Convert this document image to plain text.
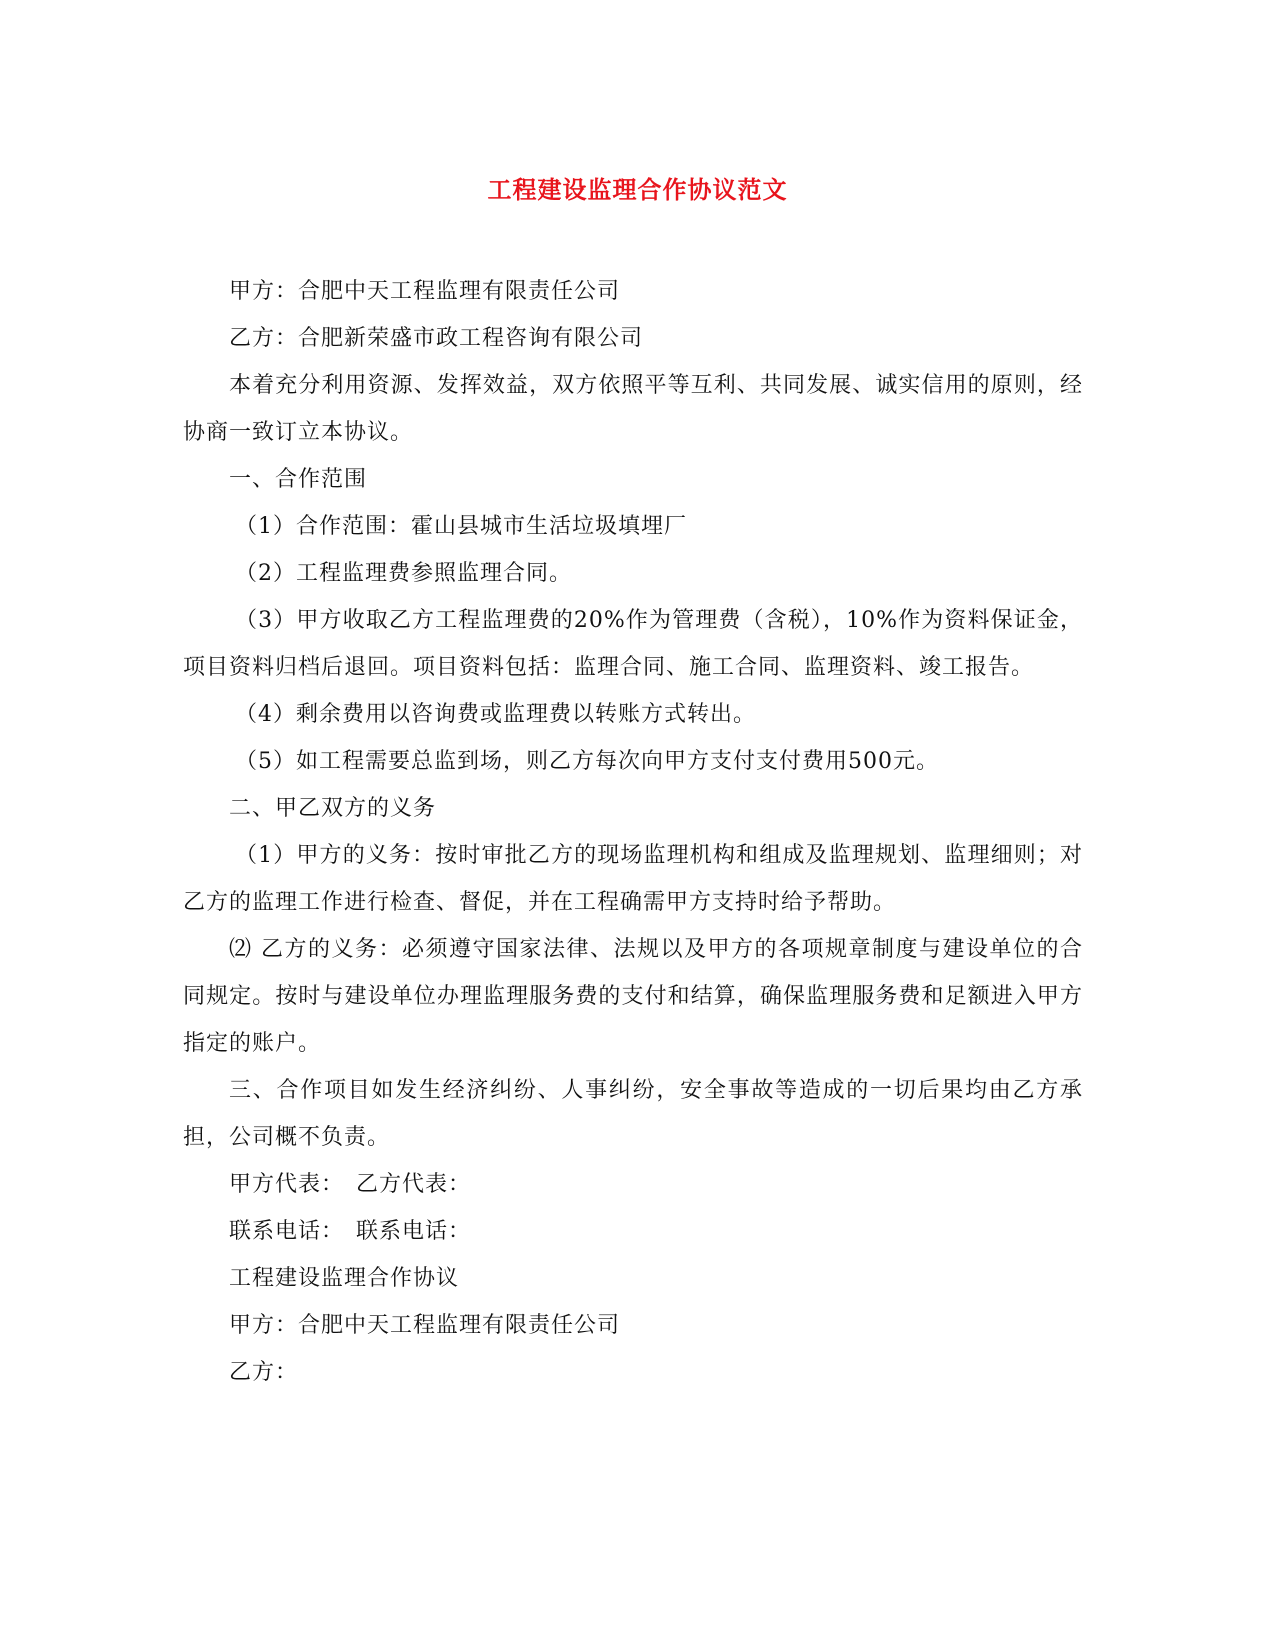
工程建设监理合作协议范文

甲方：合肥中天工程监理有限责任公司

乙方：合肥新荣盛市政工程咨询有限公司

本着充分利用资源、发挥效益，双方依照平等互利、共同发展、诚实信用的原则，经协商一致订立本协议。

一、合作范围

（1）合作范围：霍山县城市生活垃圾填埋厂

（2）工程监理费参照监理合同。

（3）甲方收取乙方工程监理费的20%作为管理费（含税），10%作为资料保证金，项目资料归档后退回。项目资料包括：监理合同、施工合同、监理资料、竣工报告。

（4）剩余费用以咨询费或监理费以转账方式转出。

（5）如工程需要总监到场，则乙方每次向甲方支付支付费用500元。

二、甲乙双方的义务

（1）甲方的义务：按时审批乙方的现场监理机构和组成及监理规划、监理细则；对乙方的监理工作进行检查、督促，并在工程确需甲方支持时给予帮助。

⑵ 乙方的义务：必须遵守国家法律、法规以及甲方的各项规章制度与建设单位的合同规定。按时与建设单位办理监理服务费的支付和结算，确保监理服务费和足额进入甲方指定的账户。

三、合作项目如发生经济纠纷、人事纠纷，安全事故等造成的一切后果均由乙方承担，公司概不负责。

甲方代表：　乙方代表：

联系电话：　联系电话：

工程建设监理合作协议

甲方：合肥中天工程监理有限责任公司

乙方：
